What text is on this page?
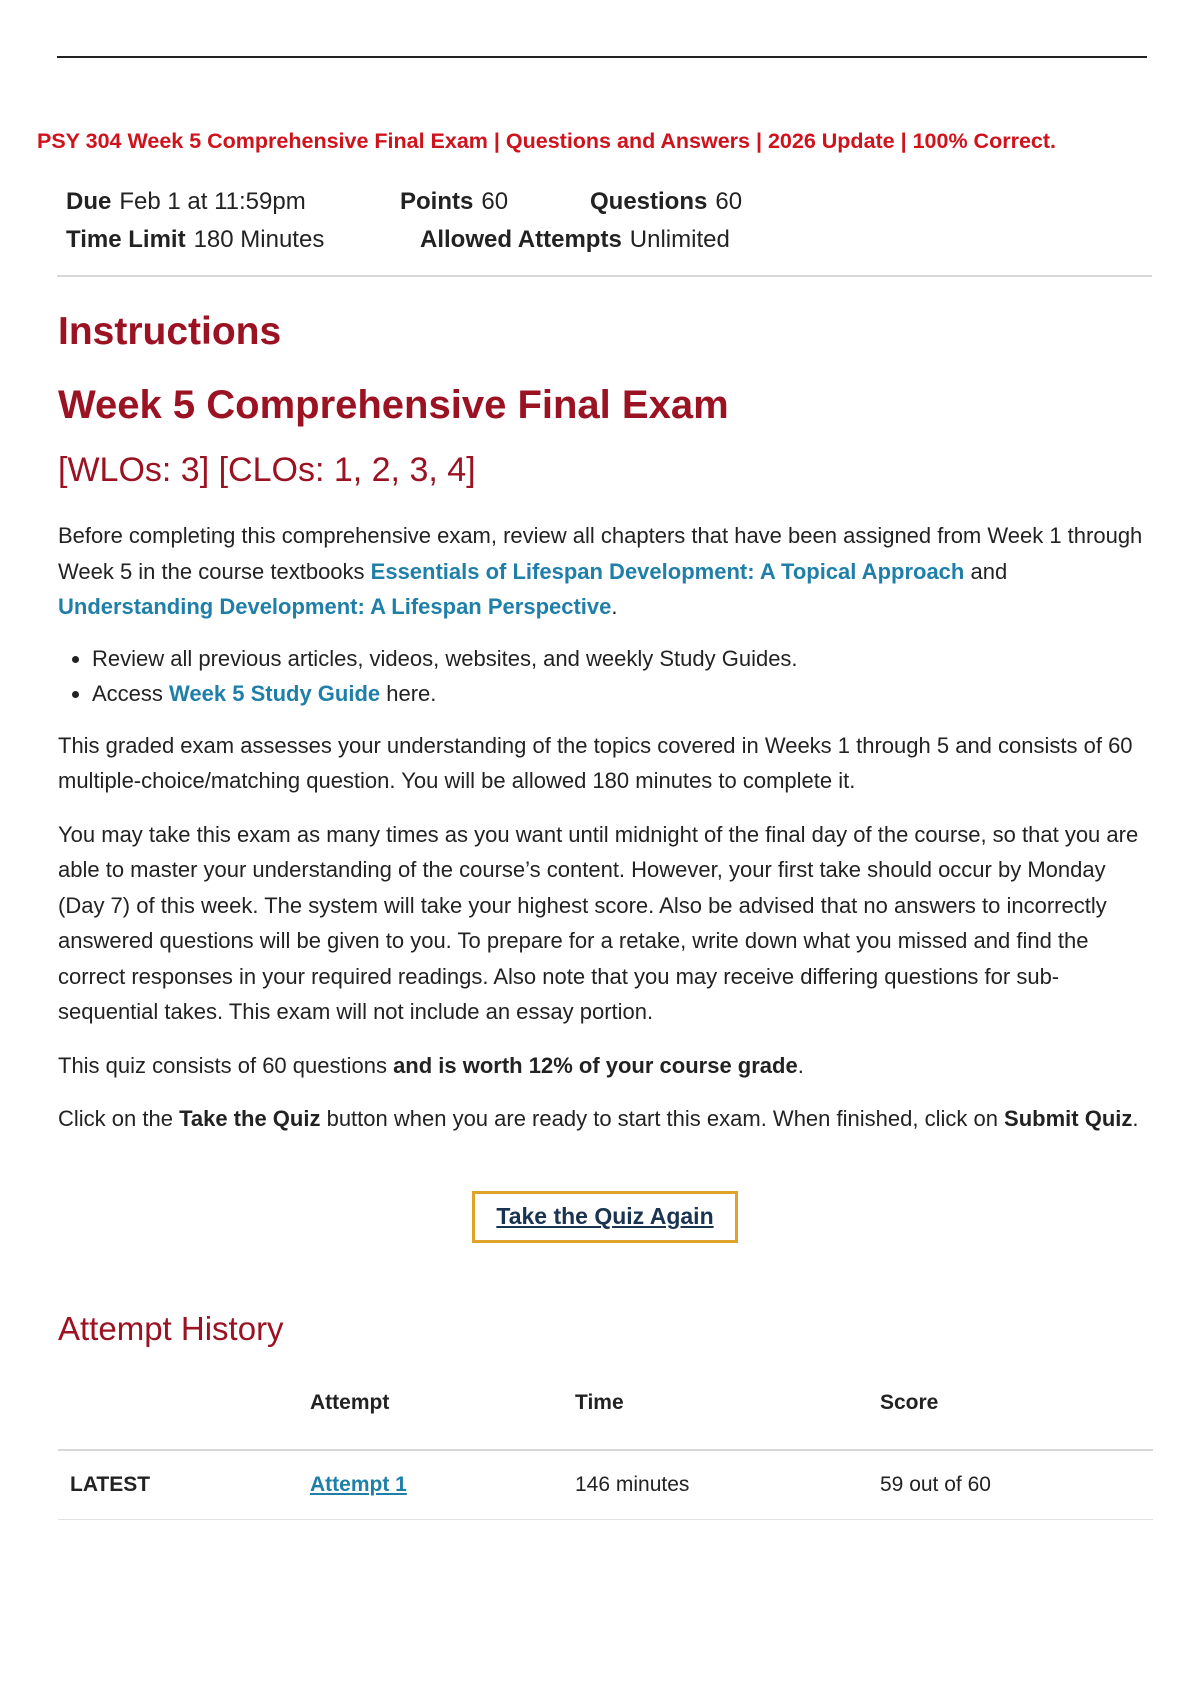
PSY 304 Week 5 Comprehensive Final Exam | Questions and Answers | 2026 Update | 100% Correct.
Due Feb 1 at 11:59pm	Points 60	Questions 60
Time Limit 180 Minutes	Allowed Attempts Unlimited
Instructions
Week 5 Comprehensive Final Exam
[WLOs: 3] [CLOs: 1, 2, 3, 4]

Before completing this comprehensive exam, review all chapters that have been assigned from Week 1 through Week 5 in the course textbooks Essentials of Lifespan Development: A Topical Approach and Understanding Development: A Lifespan Perspective.

• Review all previous articles, videos, websites, and weekly Study Guides.
• Access Week 5 Study Guide here.

This graded exam assesses your understanding of the topics covered in Weeks 1 through 5 and consists of 60 multiple-choice/matching question. You will be allowed 180 minutes to complete it.

You may take this exam as many times as you want until midnight of the final day of the course, so that you are able to master your understanding of the course’s content. However, your first take should occur by Monday (Day 7) of this week. The system will take your highest score. Also be advised that no answers to incorrectly answered questions will be given to you. To prepare for a retake, write down what you missed and find the correct responses in your required readings. Also note that you may receive differing questions for sub-sequential takes. This exam will not include an essay portion.

This quiz consists of 60 questions and is worth 12% of your course grade.

Click on the Take the Quiz button when you are ready to start this exam. When finished, click on Submit Quiz.

Take the Quiz Again
Attempt History
	Attempt	Time	Score
LATEST	Attempt 1	146 minutes	59 out of 60
